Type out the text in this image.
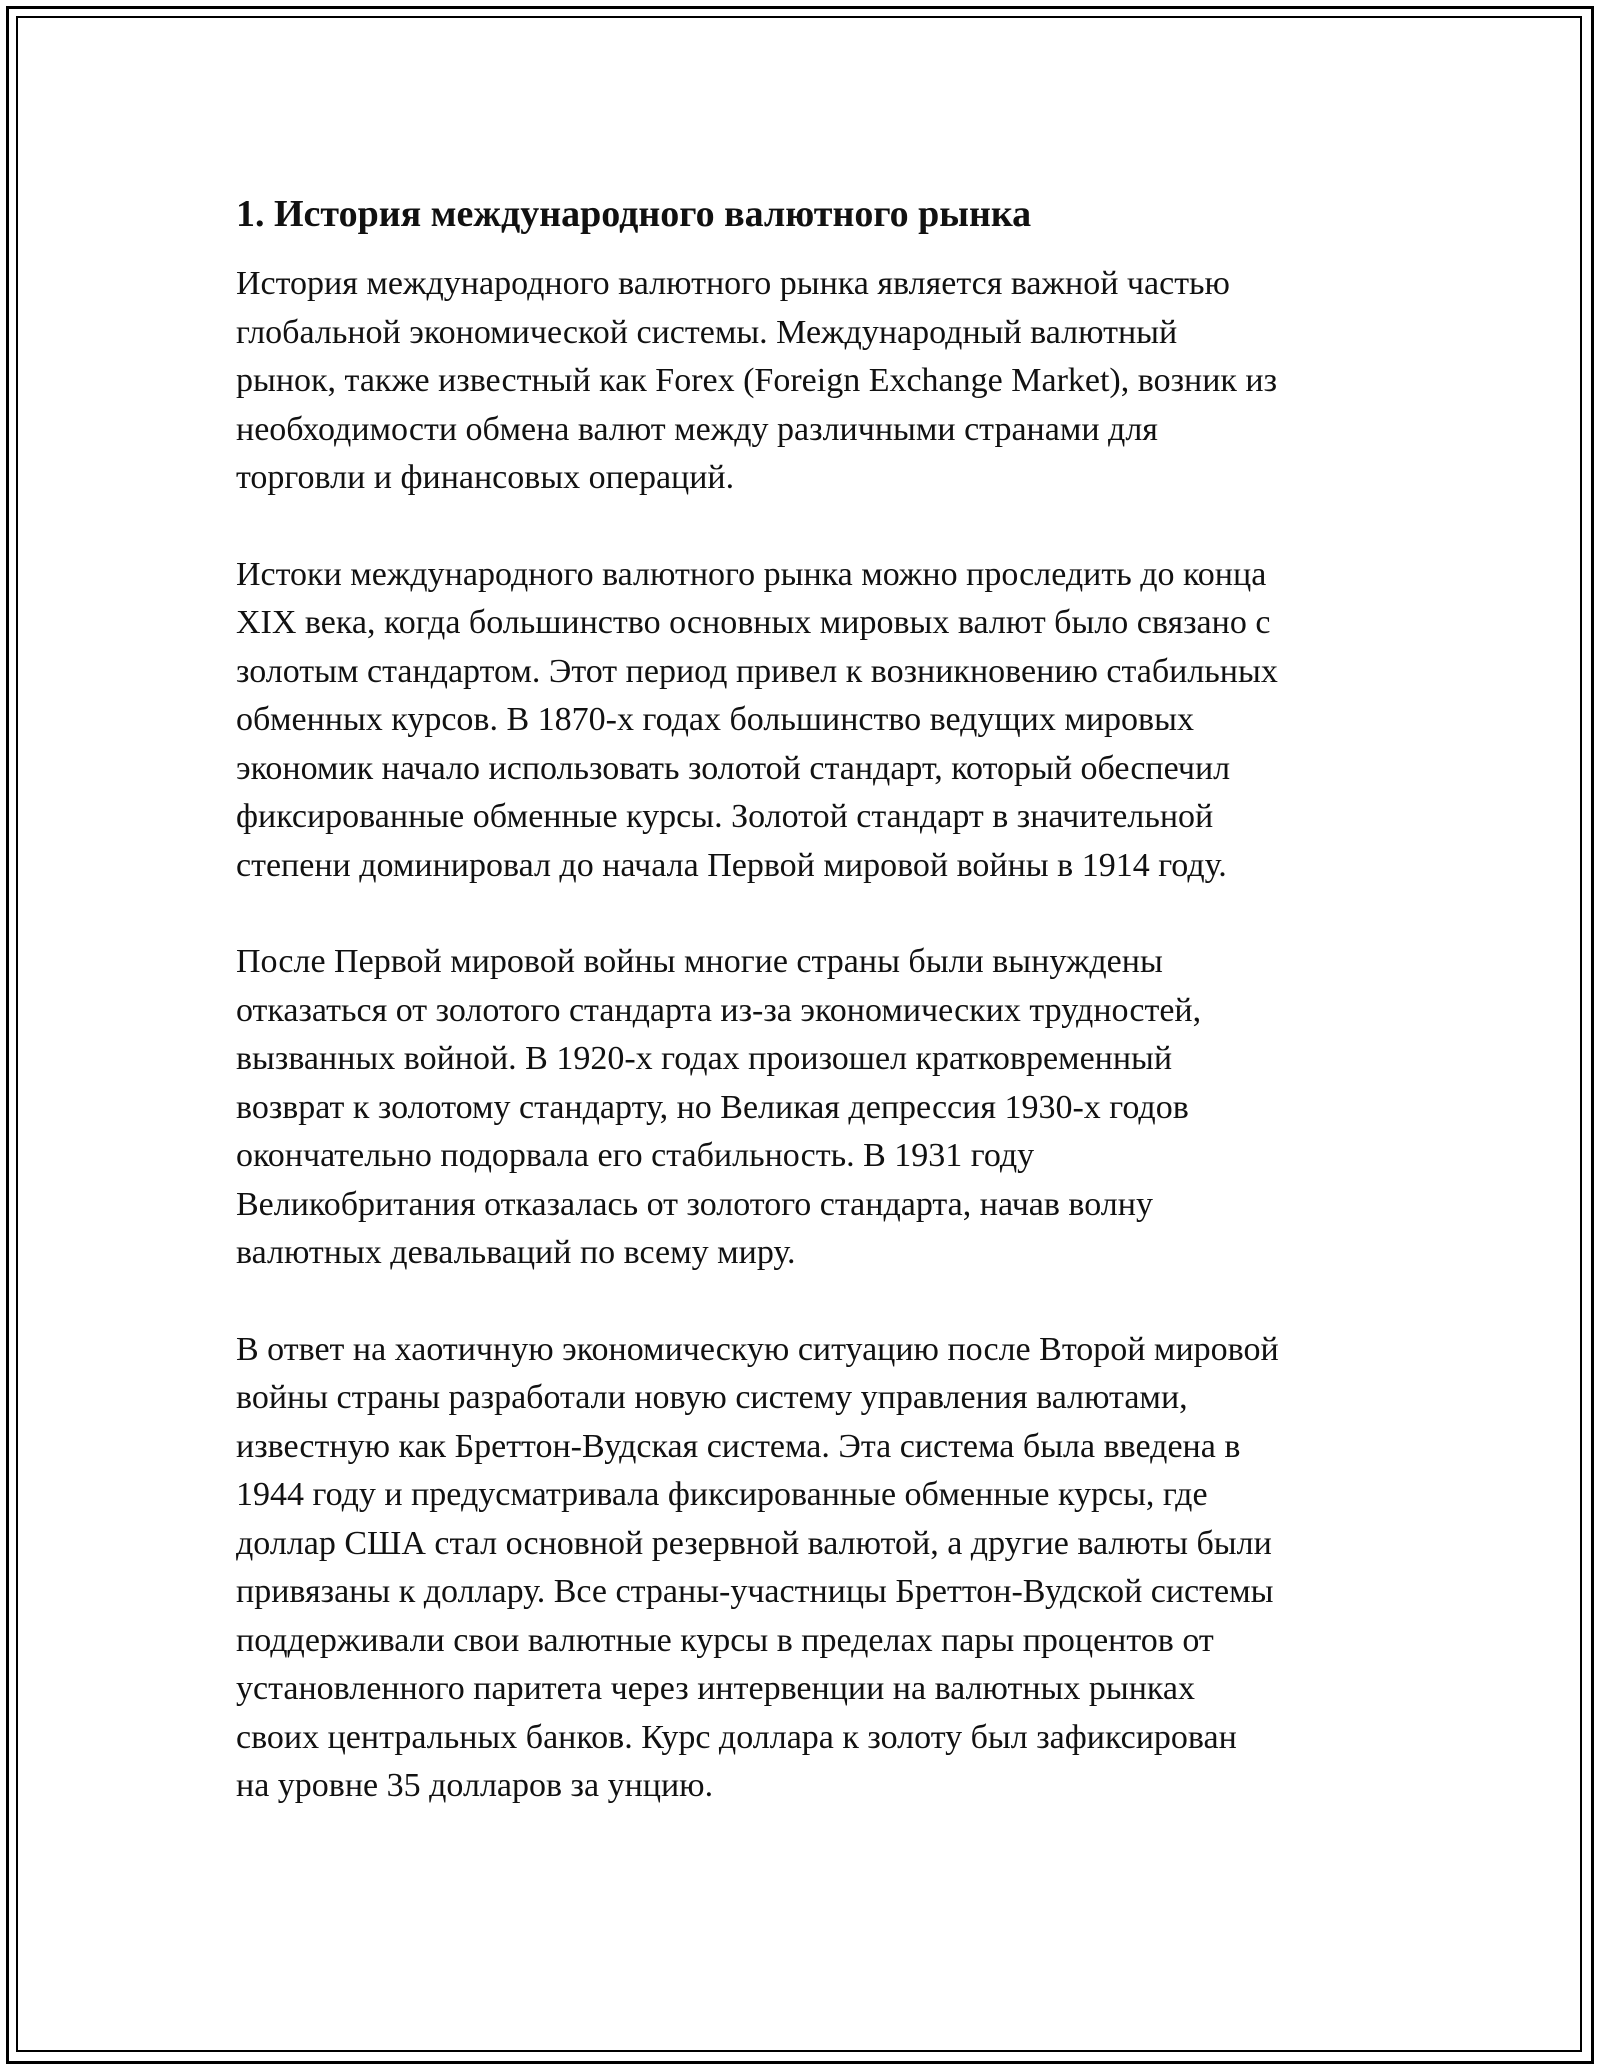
1. История международного валютного рынка

История международного валютного рынка является важной частью
глобальной экономической системы. Международный валютный
рынок, также известный как Forex (Foreign Exchange Market), возник из
необходимости обмена валют между различными странами для
торговли и финансовых операций.

Истоки международного валютного рынка можно проследить до конца
XIX века, когда большинство основных мировых валют было связано с
золотым стандартом. Этот период привел к возникновению стабильных
обменных курсов. В 1870-х годах большинство ведущих мировых
экономик начало использовать золотой стандарт, который обеспечил
фиксированные обменные курсы. Золотой стандарт в значительной
степени доминировал до начала Первой мировой войны в 1914 году.

После Первой мировой войны многие страны были вынуждены
отказаться от золотого стандарта из-за экономических трудностей,
вызванных войной. В 1920-х годах произошел кратковременный
возврат к золотому стандарту, но Великая депрессия 1930-х годов
окончательно подорвала его стабильность. В 1931 году
Великобритания отказалась от золотого стандарта, начав волну
валютных девальваций по всему миру.

В ответ на хаотичную экономическую ситуацию после Второй мировой
войны страны разработали новую систему управления валютами,
известную как Бреттон-Вудская система. Эта система была введена в
1944 году и предусматривала фиксированные обменные курсы, где
доллар США стал основной резервной валютой, а другие валюты были
привязаны к доллару. Все страны-участницы Бреттон-Вудской системы
поддерживали свои валютные курсы в пределах пары процентов от
установленного паритета через интервенции на валютных рынках
своих центральных банков. Курс доллара к золоту был зафиксирован
на уровне 35 долларов за унцию.
